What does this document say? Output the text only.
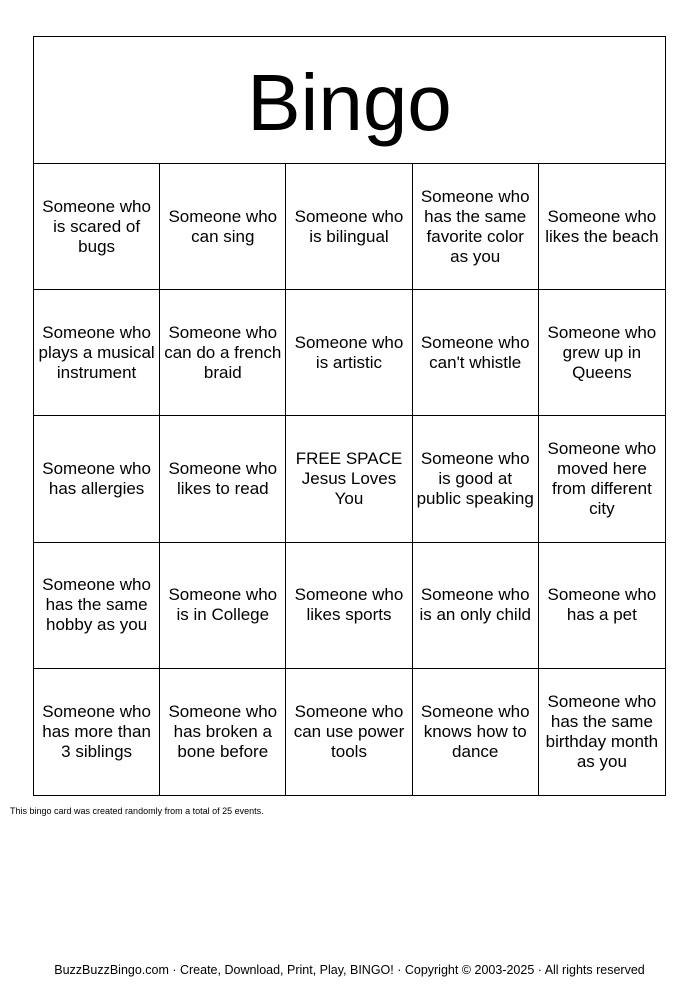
Bingo
Someone who is scared of bugs
Someone who can sing
Someone who is bilingual
Someone who has the same favorite color as you
Someone who likes the beach
Someone who plays a musical instrument
Someone who can do a french braid
Someone who is artistic
Someone who can't whistle
Someone who grew up in Queens
Someone who has allergies
Someone who likes to read
FREE SPACE Jesus Loves You
Someone who is good at public speaking
Someone who moved here from different city
Someone who has the same hobby as you
Someone who is in College
Someone who likes sports
Someone who is an only child
Someone who has a pet
Someone who has more than 3 siblings
Someone who has broken a bone before
Someone who can use power tools
Someone who knows how to dance
Someone who has the same birthday month as you
This bingo card was created randomly from a total of 25 events.
BuzzBuzzBingo.com · Create, Download, Print, Play, BINGO! · Copyright © 2003-2025 · All rights reserved
